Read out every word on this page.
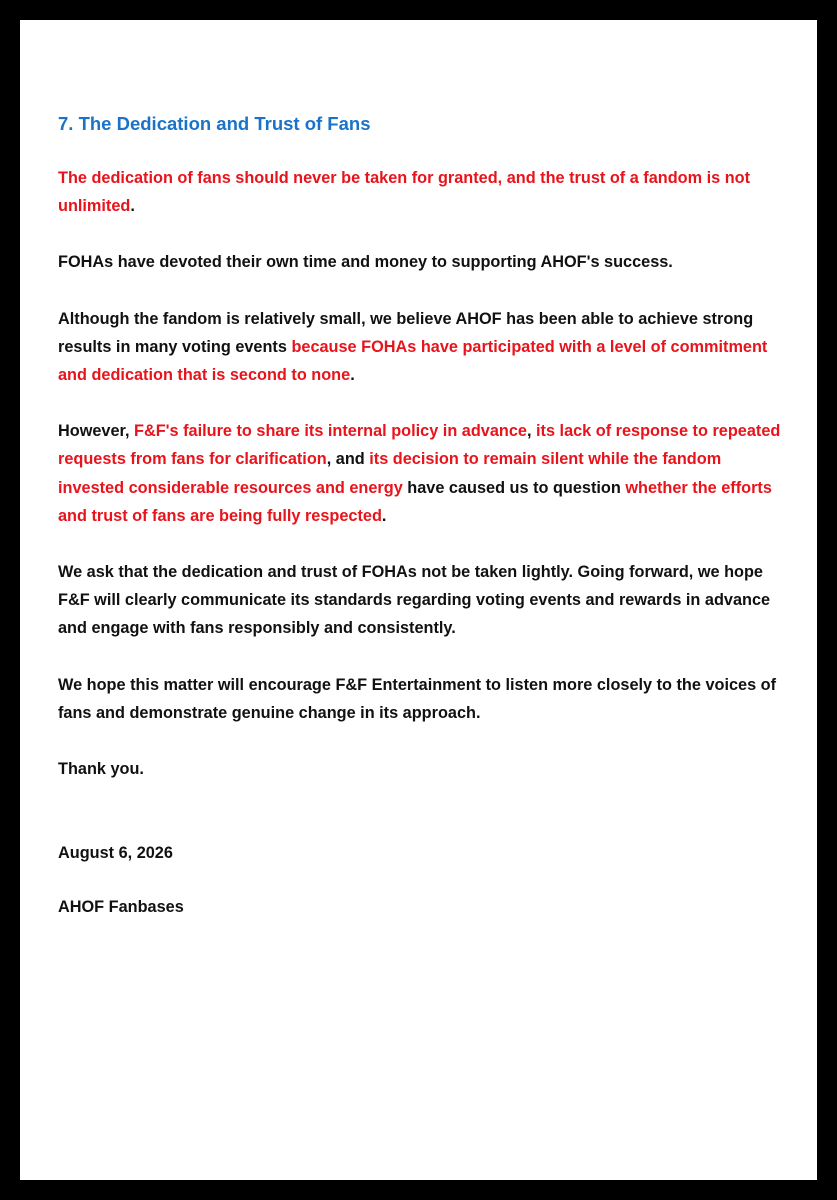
7. The Dedication and Trust of Fans
The dedication of fans should never be taken for granted, and the trust of a fandom is not unlimited.
FOHAs have devoted their own time and money to supporting AHOF's success.
Although the fandom is relatively small, we believe AHOF has been able to achieve strong results in many voting events because FOHAs have participated with a level of commitment and dedication that is second to none.
However, F&F's failure to share its internal policy in advance, its lack of response to repeated requests from fans for clarification, and its decision to remain silent while the fandom invested considerable resources and energy have caused us to question whether the efforts and trust of fans are being fully respected.
We ask that the dedication and trust of FOHAs not be taken lightly. Going forward, we hope F&F will clearly communicate its standards regarding voting events and rewards in advance and engage with fans responsibly and consistently.
We hope this matter will encourage F&F Entertainment to listen more closely to the voices of fans and demonstrate genuine change in its approach.
Thank you.
August 6, 2026
AHOF Fanbases
